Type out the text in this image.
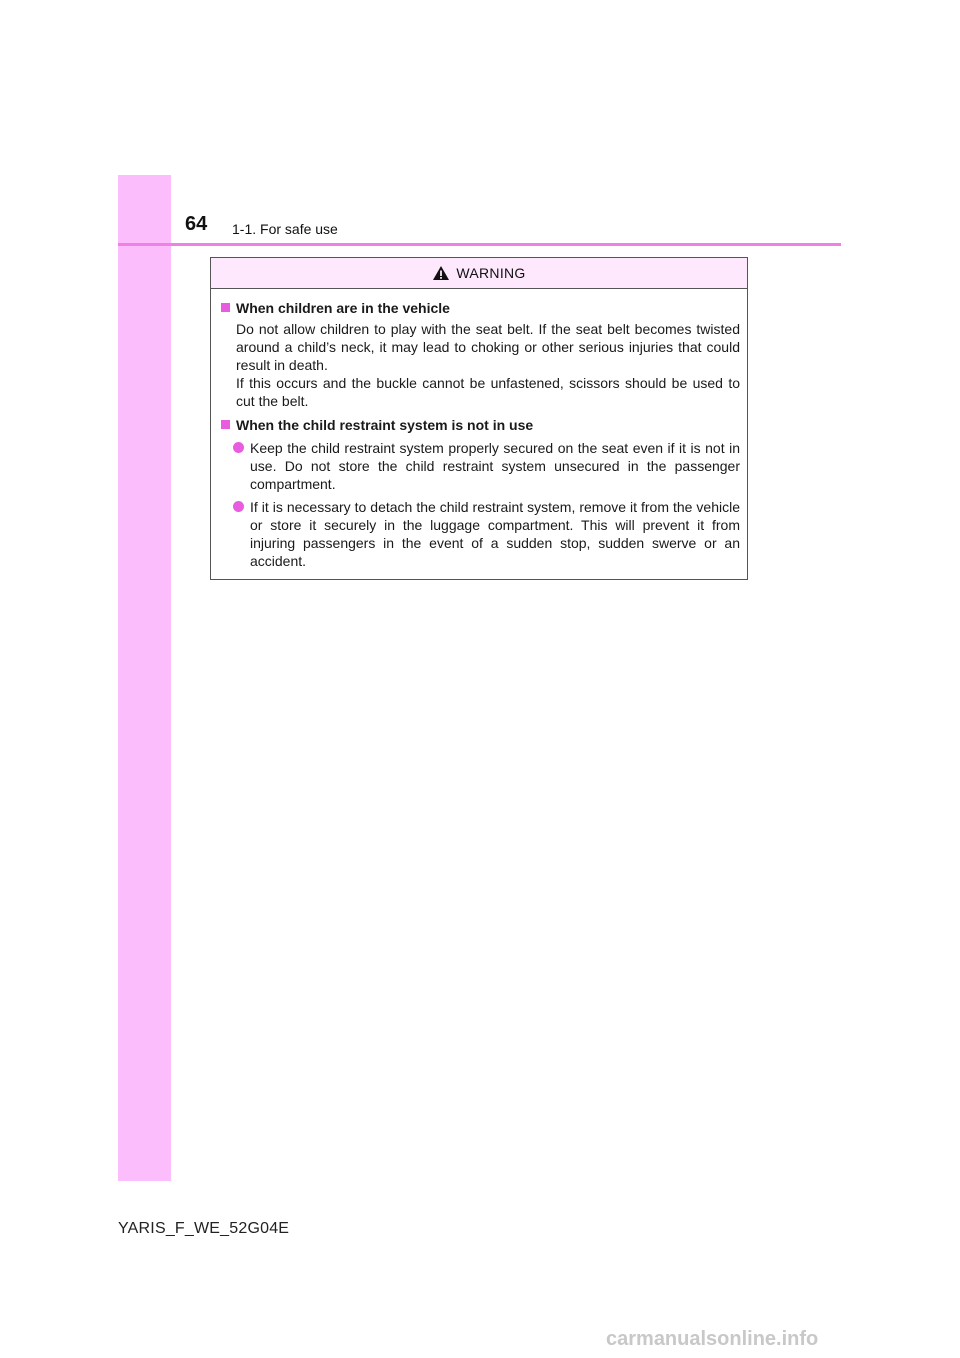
64 1-1. For safe use
WARNING
When children are in the vehicle
Do not allow children to play with the seat belt. If the seat belt becomes twisted around a child’s neck, it may lead to choking or other serious injuries that could result in death.
If this occurs and the buckle cannot be unfastened, scissors should be used to cut the belt.
When the child restraint system is not in use
Keep the child restraint system properly secured on the seat even if it is not in use. Do not store the child restraint system unsecured in the passenger compartment.
If it is necessary to detach the child restraint system, remove it from the vehicle or store it securely in the luggage compartment. This will prevent it from injuring passengers in the event of a sudden stop, sudden swerve or an accident.
YARIS_F_WE_52G04E
carmanualsonline.info
